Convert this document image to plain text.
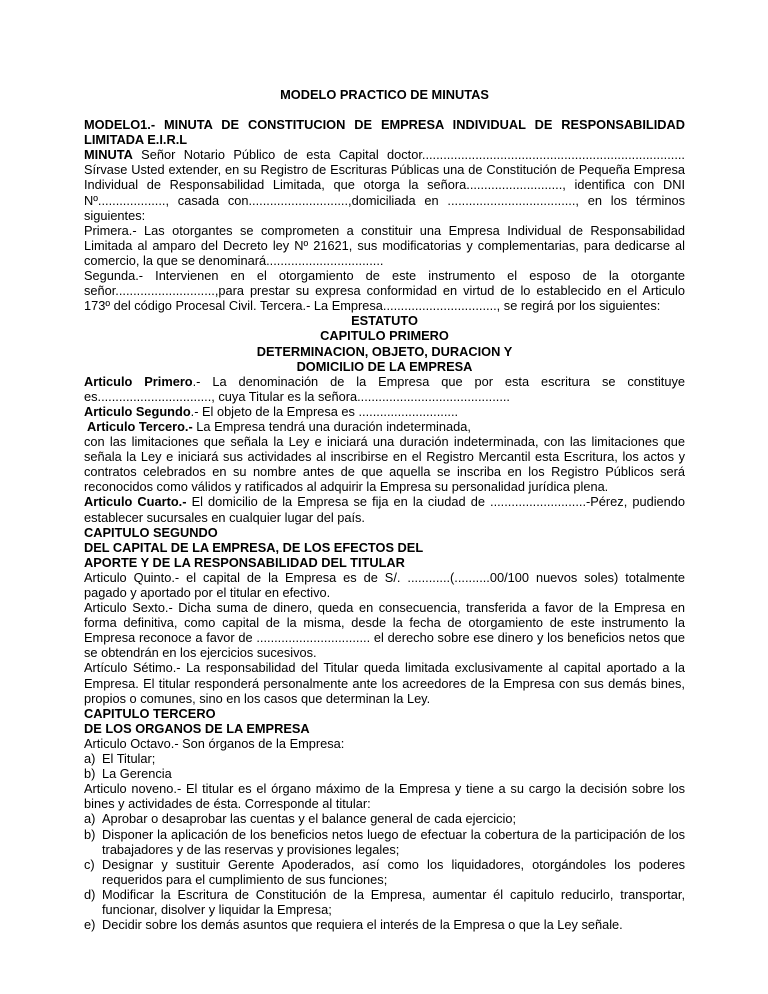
MODELO PRACTICO DE MINUTAS

MODELO1.- MINUTA DE CONSTITUCION DE EMPRESA INDIVIDUAL DE RESPONSABILIDAD LIMITADA E.I.R.L

MINUTA Señor Notario Público de esta Capital doctor.......................................................................... Sírvase Usted extender, en su Registro de Escrituras Públicas una de Constitución de Pequeña Empresa Individual de Responsabilidad Limitada, que otorga la señora..........................., identifica con DNI Nº..................., casada con............................,domiciliada en ...................................., en los términos siguientes:

Primera.- Las otorgantes se comprometen a constituir una Empresa Individual de Responsabilidad Limitada al amparo del Decreto ley Nº 21621, sus modificatorias y complementarias, para dedicarse al comercio, la que se denominará.................................

Segunda.- Intervienen en el otorgamiento de este instrumento el esposo de la otorgante señor............................,para prestar su expresa conformidad en virtud de lo establecido en el Articulo 173º del código Procesal Civil. Tercera.- La Empresa................................, se regirá por los siguientes:

ESTATUTO
CAPITULO PRIMERO
DETERMINACION, OBJETO, DURACION Y
DOMICILIO DE LA EMPRESA

Articulo Primero.- La denominación de la Empresa que por esta escritura se constituye es................................, cuya Titular es la señora...........................................

Articulo Segundo.- El objeto de la Empresa es ............................

Articulo Tercero.- La Empresa tendrá una duración indeterminada,

con las limitaciones que señala la Ley e iniciará una duración indeterminada, con las limitaciones que señala la Ley e iniciará sus actividades al inscribirse en el Registro Mercantil esta Escritura, los actos y contratos celebrados en su nombre antes de que aquella se inscriba en los Registro Públicos será reconocidos como válidos y ratificados al adquirir la Empresa su personalidad jurídica plena.

Articulo Cuarto.- El domicilio de la Empresa se fija en la ciudad de ...........................-Pérez, pudiendo establecer sucursales en cualquier lugar del país.

CAPITULO SEGUNDO
DEL CAPITAL DE LA EMPRESA, DE LOS EFECTOS DEL
APORTE Y DE LA RESPONSABILIDAD DEL TITULAR

Articulo Quinto.- el capital de la Empresa es de S/. ............(..........00/100 nuevos soles) totalmente pagado y aportado por el titular en efectivo.

Articulo Sexto.- Dicha suma de dinero, queda en consecuencia, transferida a favor de la Empresa en forma definitiva, como capital de la misma, desde la fecha de otorgamiento de este instrumento la Empresa reconoce a favor de ................................ el derecho sobre ese dinero y los beneficios netos que se obtendrán en los ejercicios sucesivos.

Artículo Sétimo.- La responsabilidad del Titular queda limitada exclusivamente al capital aportado a la Empresa. El titular responderá personalmente ante los acreedores de la Empresa con sus demás bines, propios o comunes, sino en los casos que determinan la Ley.

CAPITULO TERCERO
DE LOS ORGANOS DE LA EMPRESA

Articulo Octavo.- Son órganos de la Empresa:

a) El Titular;
b) La Gerencia

Articulo noveno.- El titular es el órgano máximo de la Empresa y tiene a su cargo la decisión sobre los bines y actividades de ésta. Corresponde al titular:

a) Aprobar o desaprobar las cuentas y el balance general de cada ejercicio;
b) Disponer la aplicación de los beneficios netos luego de efectuar la cobertura de la participación de los trabajadores y de las reservas y provisiones legales;
c) Designar y sustituir Gerente Apoderados, así como los liquidadores, otorgándoles los poderes requeridos para el cumplimiento de sus funciones;
d) Modificar la Escritura de Constitución de la Empresa, aumentar él capitulo reducirlo, transportar, funcionar, disolver y liquidar la Empresa;
e) Decidir sobre los demás asuntos que requiera el interés de la Empresa o que la Ley señale.
